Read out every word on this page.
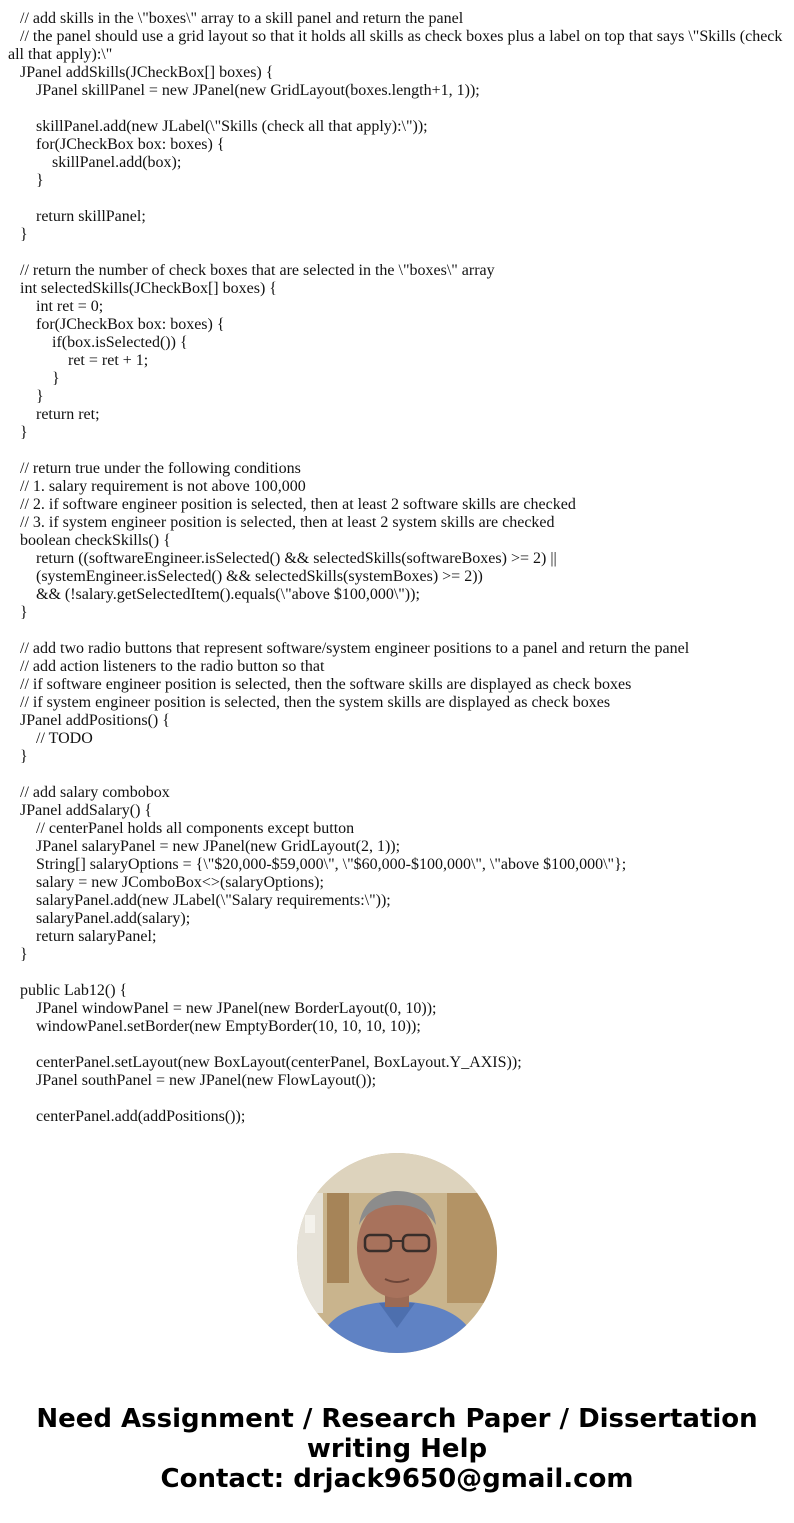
// add skills in the \"boxes\" array to a skill panel and return the panel
// the panel should use a grid layout so that it holds all skills as check boxes plus a label on top that says \"Skills (check all that apply):\"
JPanel addSkills(JCheckBox[] boxes) {
JPanel skillPanel = new JPanel(new GridLayout(boxes.length+1, 1));
skillPanel.add(new JLabel(\"Skills (check all that apply):\"));
for(JCheckBox box: boxes) {
skillPanel.add(box);
}
return skillPanel;
}
// return the number of check boxes that are selected in the \"boxes\" array
int selectedSkills(JCheckBox[] boxes) {
int ret = 0;
for(JCheckBox box: boxes) {
if(box.isSelected()) {
ret = ret + 1;
}
}
return ret;
}
// return true under the following conditions
// 1. salary requirement is not above 100,000
// 2. if software engineer position is selected, then at least 2 software skills are checked
// 3. if system engineer position is selected, then at least 2 system skills are checked
boolean checkSkills() {
return ((softwareEngineer.isSelected() && selectedSkills(softwareBoxes) >= 2) ||
(systemEngineer.isSelected() && selectedSkills(systemBoxes) >= 2))
&& (!salary.getSelectedItem().equals(\"above $100,000\"));
}
// add two radio buttons that represent software/system engineer positions to a panel and return the panel
// add action listeners to the radio button so that
// if software engineer position is selected, then the software skills are displayed as check boxes
// if system engineer position is selected, then the system skills are displayed as check boxes
JPanel addPositions() {
// TODO
}
// add salary combobox
JPanel addSalary() {
// centerPanel holds all components except button
JPanel salaryPanel = new JPanel(new GridLayout(2, 1));
String[] salaryOptions = {\"$20,000-$59,000\", \"$60,000-$100,000\", \"above $100,000\"};
salary = new JComboBox<>(salaryOptions);
salaryPanel.add(new JLabel(\"Salary requirements:\"));
salaryPanel.add(salary);
return salaryPanel;
}
public Lab12() {
JPanel windowPanel = new JPanel(new BorderLayout(0, 10));
windowPanel.setBorder(new EmptyBorder(10, 10, 10, 10));
centerPanel.setLayout(new BoxLayout(centerPanel, BoxLayout.Y_AXIS));
JPanel southPanel = new JPanel(new FlowLayout());
centerPanel.add(addPositions());
Need Assignment / Research Paper / Dissertation
writing Help
Contact: drjack9650@gmail.com
